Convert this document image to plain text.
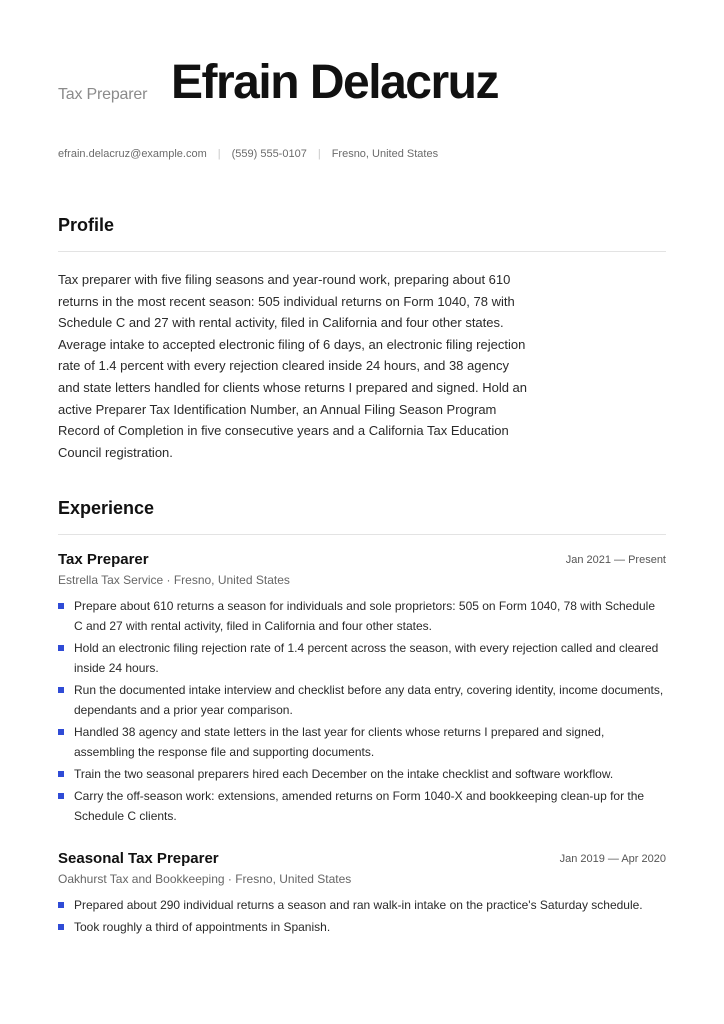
Tax Preparer Efrain Delacruz
efrain.delacruz@example.com | (559) 555-0107 | Fresno, United States
Profile
Tax preparer with five filing seasons and year-round work, preparing about 610 returns in the most recent season: 505 individual returns on Form 1040, 78 with Schedule C and 27 with rental activity, filed in California and four other states. Average intake to accepted electronic filing of 6 days, an electronic filing rejection rate of 1.4 percent with every rejection cleared inside 24 hours, and 38 agency and state letters handled for clients whose returns I prepared and signed. Hold an active Preparer Tax Identification Number, an Annual Filing Season Program Record of Completion in five consecutive years and a California Tax Education Council registration.
Experience
Tax Preparer	Jan 2021 — Present
Estrella Tax Service · Fresno, United States
Prepare about 610 returns a season for individuals and sole proprietors: 505 on Form 1040, 78 with Schedule C and 27 with rental activity, filed in California and four other states.
Hold an electronic filing rejection rate of 1.4 percent across the season, with every rejection called and cleared inside 24 hours.
Run the documented intake interview and checklist before any data entry, covering identity, income documents, dependants and a prior year comparison.
Handled 38 agency and state letters in the last year for clients whose returns I prepared and signed, assembling the response file and supporting documents.
Train the two seasonal preparers hired each December on the intake checklist and software workflow.
Carry the off-season work: extensions, amended returns on Form 1040-X and bookkeeping clean-up for the Schedule C clients.
Seasonal Tax Preparer	Jan 2019 — Apr 2020
Oakhurst Tax and Bookkeeping · Fresno, United States
Prepared about 290 individual returns a season and ran walk-in intake on the practice's Saturday schedule.
Took roughly a third of appointments in Spanish.
